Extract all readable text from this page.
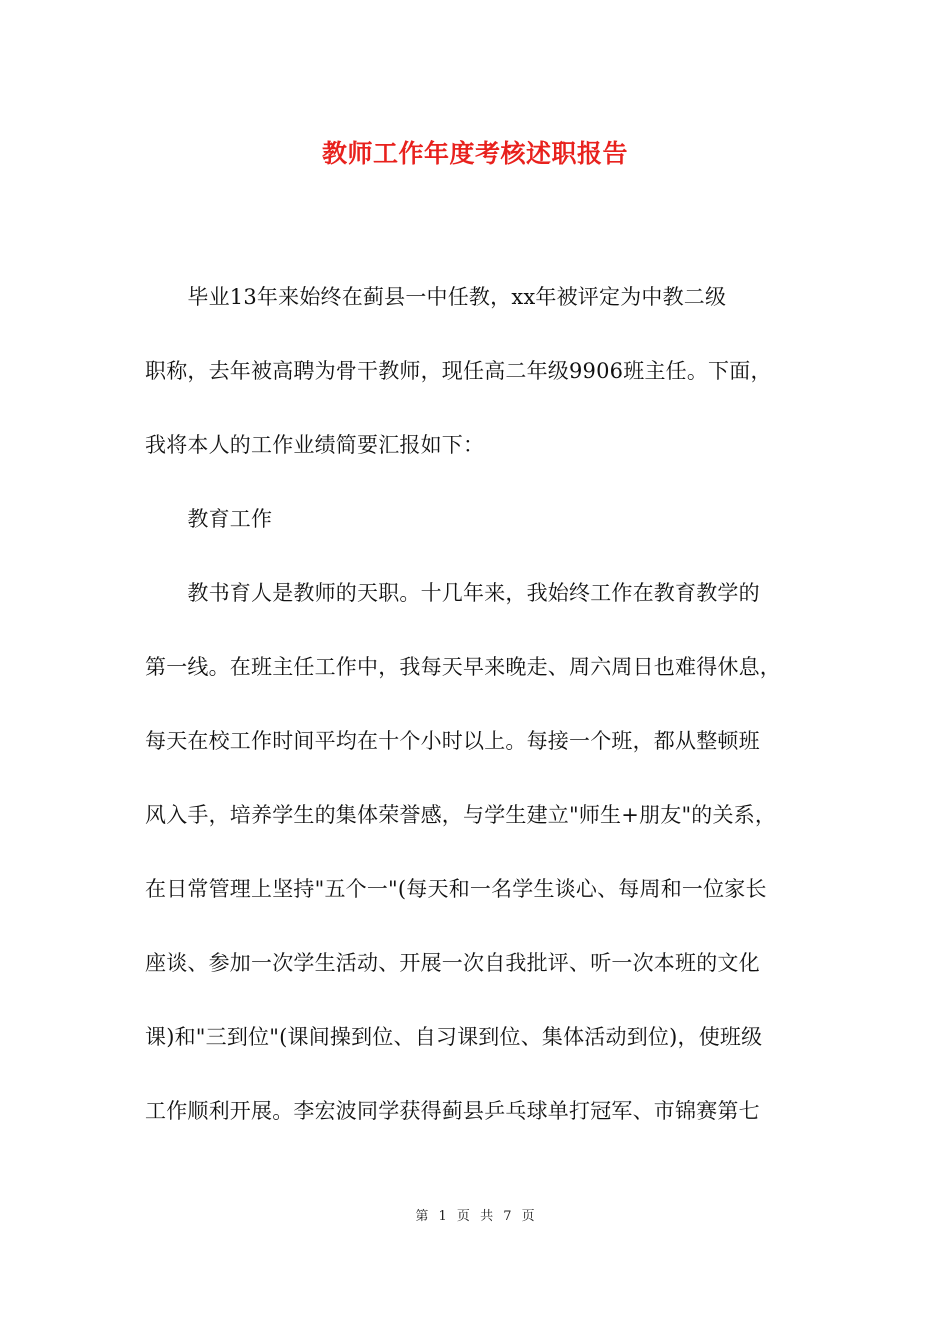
教师工作年度考核述职报告
　　毕业13年来始终在蓟县一中任教，xx年被评定为中教二级
职称，去年被高聘为骨干教师，现任高二年级9906班主任。下面，
我将本人的工作业绩简要汇报如下：
　　教育工作
　　教书育人是教师的天职。十几年来，我始终工作在教育教学的
第一线。在班主任工作中，我每天早来晚走、周六周日也难得休息，
每天在校工作时间平均在十个小时以上。每接一个班，都从整顿班
风入手，培养学生的集体荣誉感，与学生建立"师生+朋友"的关系，
在日常管理上坚持"五个一"(每天和一名学生谈心、每周和一位家长
座谈、参加一次学生活动、开展一次自我批评、听一次本班的文化
课)和"三到位"(课间操到位、自习课到位、集体活动到位)，使班级
工作顺利开展。李宏波同学获得蓟县乒乓球单打冠军、市锦赛第七
第 1 页 共 7 页
